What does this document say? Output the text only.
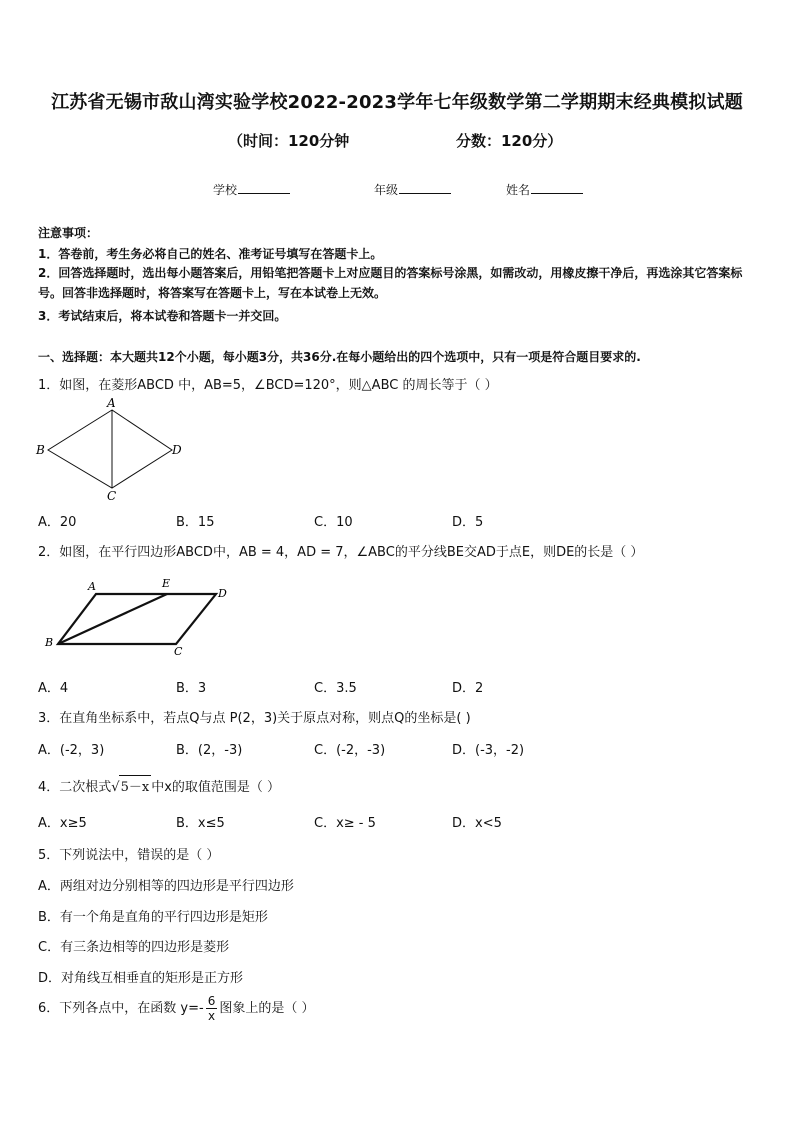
江苏省无锡市敌山湾实验学校2022-2023学年七年级数学第二学期期末经典模拟试题
（时间：120分钟	分数：120分）
学校	年级	姓名
注意事项：
1．答卷前，考生务必将自己的姓名、准考证号填写在答题卡上。
2．回答选择题时，选出每小题答案后，用铅笔把答题卡上对应题目的答案标号涂黑，如需改动，用橡皮擦干净后，再选涂其它答案标号。回答非选择题时，将答案写在答题卡上，写在本试卷上无效。
3．考试结束后，将本试卷和答题卡一并交回。
一、选择题：本大题共12个小题，每小题3分，共36分.在每小题给出的四个选项中，只有一项是符合题目要求的.
1．如图，在菱形ABCD 中，AB=5，∠BCD=120°，则△ABC 的周长等于（ ）
A
B
C
D
A．20	B．15	C．10	D．5
2．如图，在平行四边形ABCD中，AB = 4，AD = 7，∠ABC的平分线BE交AD于点E，则DE的长是（ ）
A	E
D
B
C
A．4	B．3	C．3.5	D．2
3．在直角坐标系中，若点Q与点 P(2，3)关于原点对称，则点Q的坐标是( )
A．(-2，3)	B．(2，-3)	C．(-2，-3)	D．(-3，-2)
4．二次根式√5－x 中x的取值范围是（ ）
A．x≥5	B．x≤5	C．x≥ - 5	D．x<5
5．下列说法中，错误的是（ ）
A．两组对边分别相等的四边形是平行四边形
B．有一个角是直角的平行四边形是矩形
C．有三条边相等的四边形是菱形
D．对角线互相垂直的矩形是正方形
6．下列各点中，在函数 $y=- \frac{6}{x}$ 图象上的是（ ）
